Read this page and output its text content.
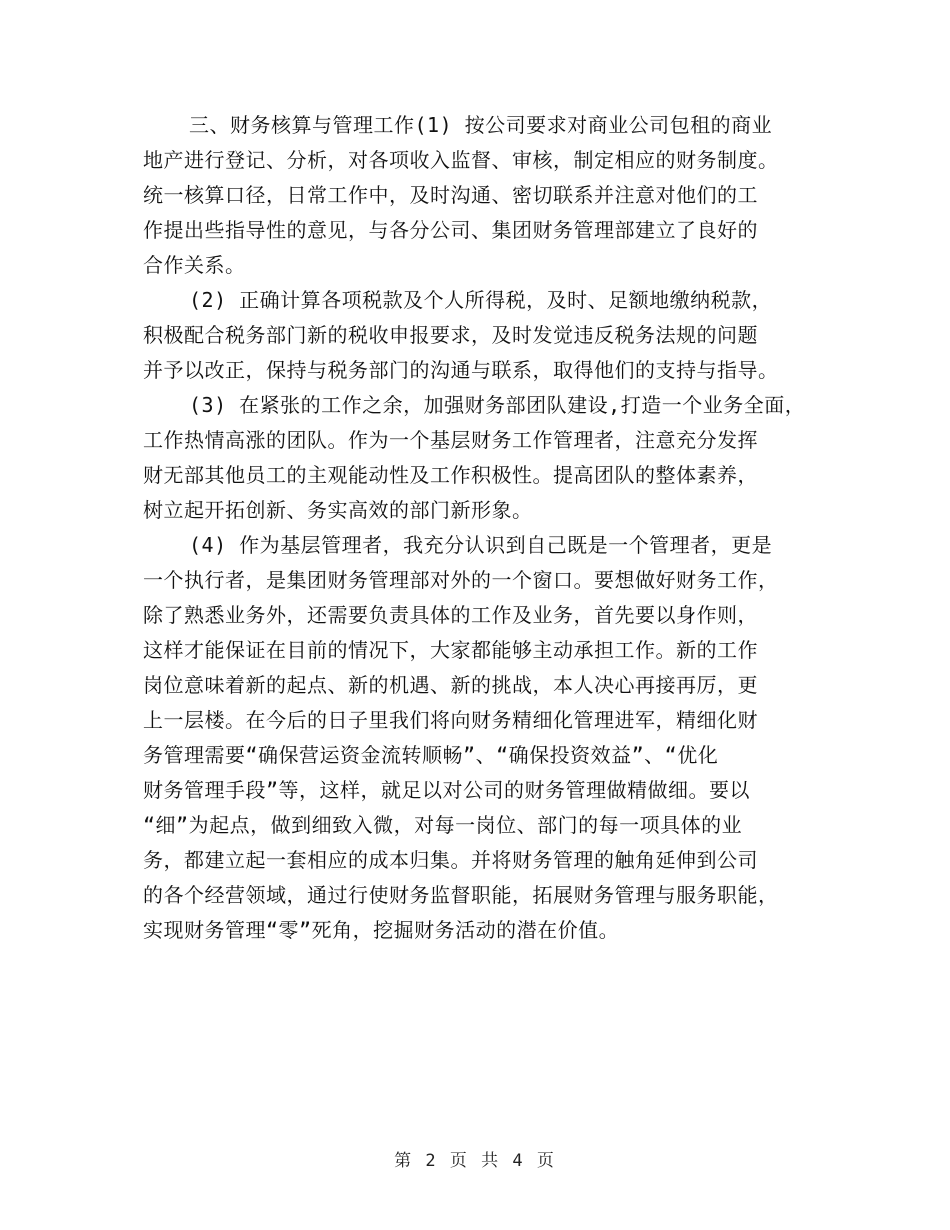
三、财务核算与管理工作(1) 按公司要求对商业公司包租的商业
地产进行登记、分析，对各项收入监督、审核，制定相应的财务制度。
统一核算口径，日常工作中，及时沟通、密切联系并注意对他们的工
作提出些指导性的意见，与各分公司、集团财务管理部建立了良好的
合作关系。
(2) 正确计算各项税款及个人所得税，及时、足额地缴纳税款，
积极配合税务部门新的税收申报要求，及时发觉违反税务法规的问题
并予以改正，保持与税务部门的沟通与联系，取得他们的支持与指导。
(3) 在紧张的工作之余，加强财务部团队建设,打造一个业务全面，
工作热情高涨的团队。作为一个基层财务工作管理者，注意充分发挥
财无部其他员工的主观能动性及工作积极性。提高团队的整体素养，
树立起开拓创新、务实高效的部门新形象。
(4) 作为基层管理者，我充分认识到自己既是一个管理者，更是
一个执行者，是集团财务管理部对外的一个窗口。要想做好财务工作，
除了熟悉业务外，还需要负责具体的工作及业务，首先要以身作则，
这样才能保证在目前的情况下，大家都能够主动承担工作。新的工作
岗位意味着新的起点、新的机遇、新的挑战，本人决心再接再厉，更
上一层楼。在今后的日子里我们将向财务精细化管理进军，精细化财
务管理需要“确保营运资金流转顺畅”、“确保投资效益”、“优化
财务管理手段”等，这样，就足以对公司的财务管理做精做细。要以
“细”为起点，做到细致入微，对每一岗位、部门的每一项具体的业
务，都建立起一套相应的成本归集。并将财务管理的触角延伸到公司
的各个经营领域，通过行使财务监督职能，拓展财务管理与服务职能，
实现财务管理“零”死角，挖掘财务活动的潜在价值。
第 2 页 共 4 页
